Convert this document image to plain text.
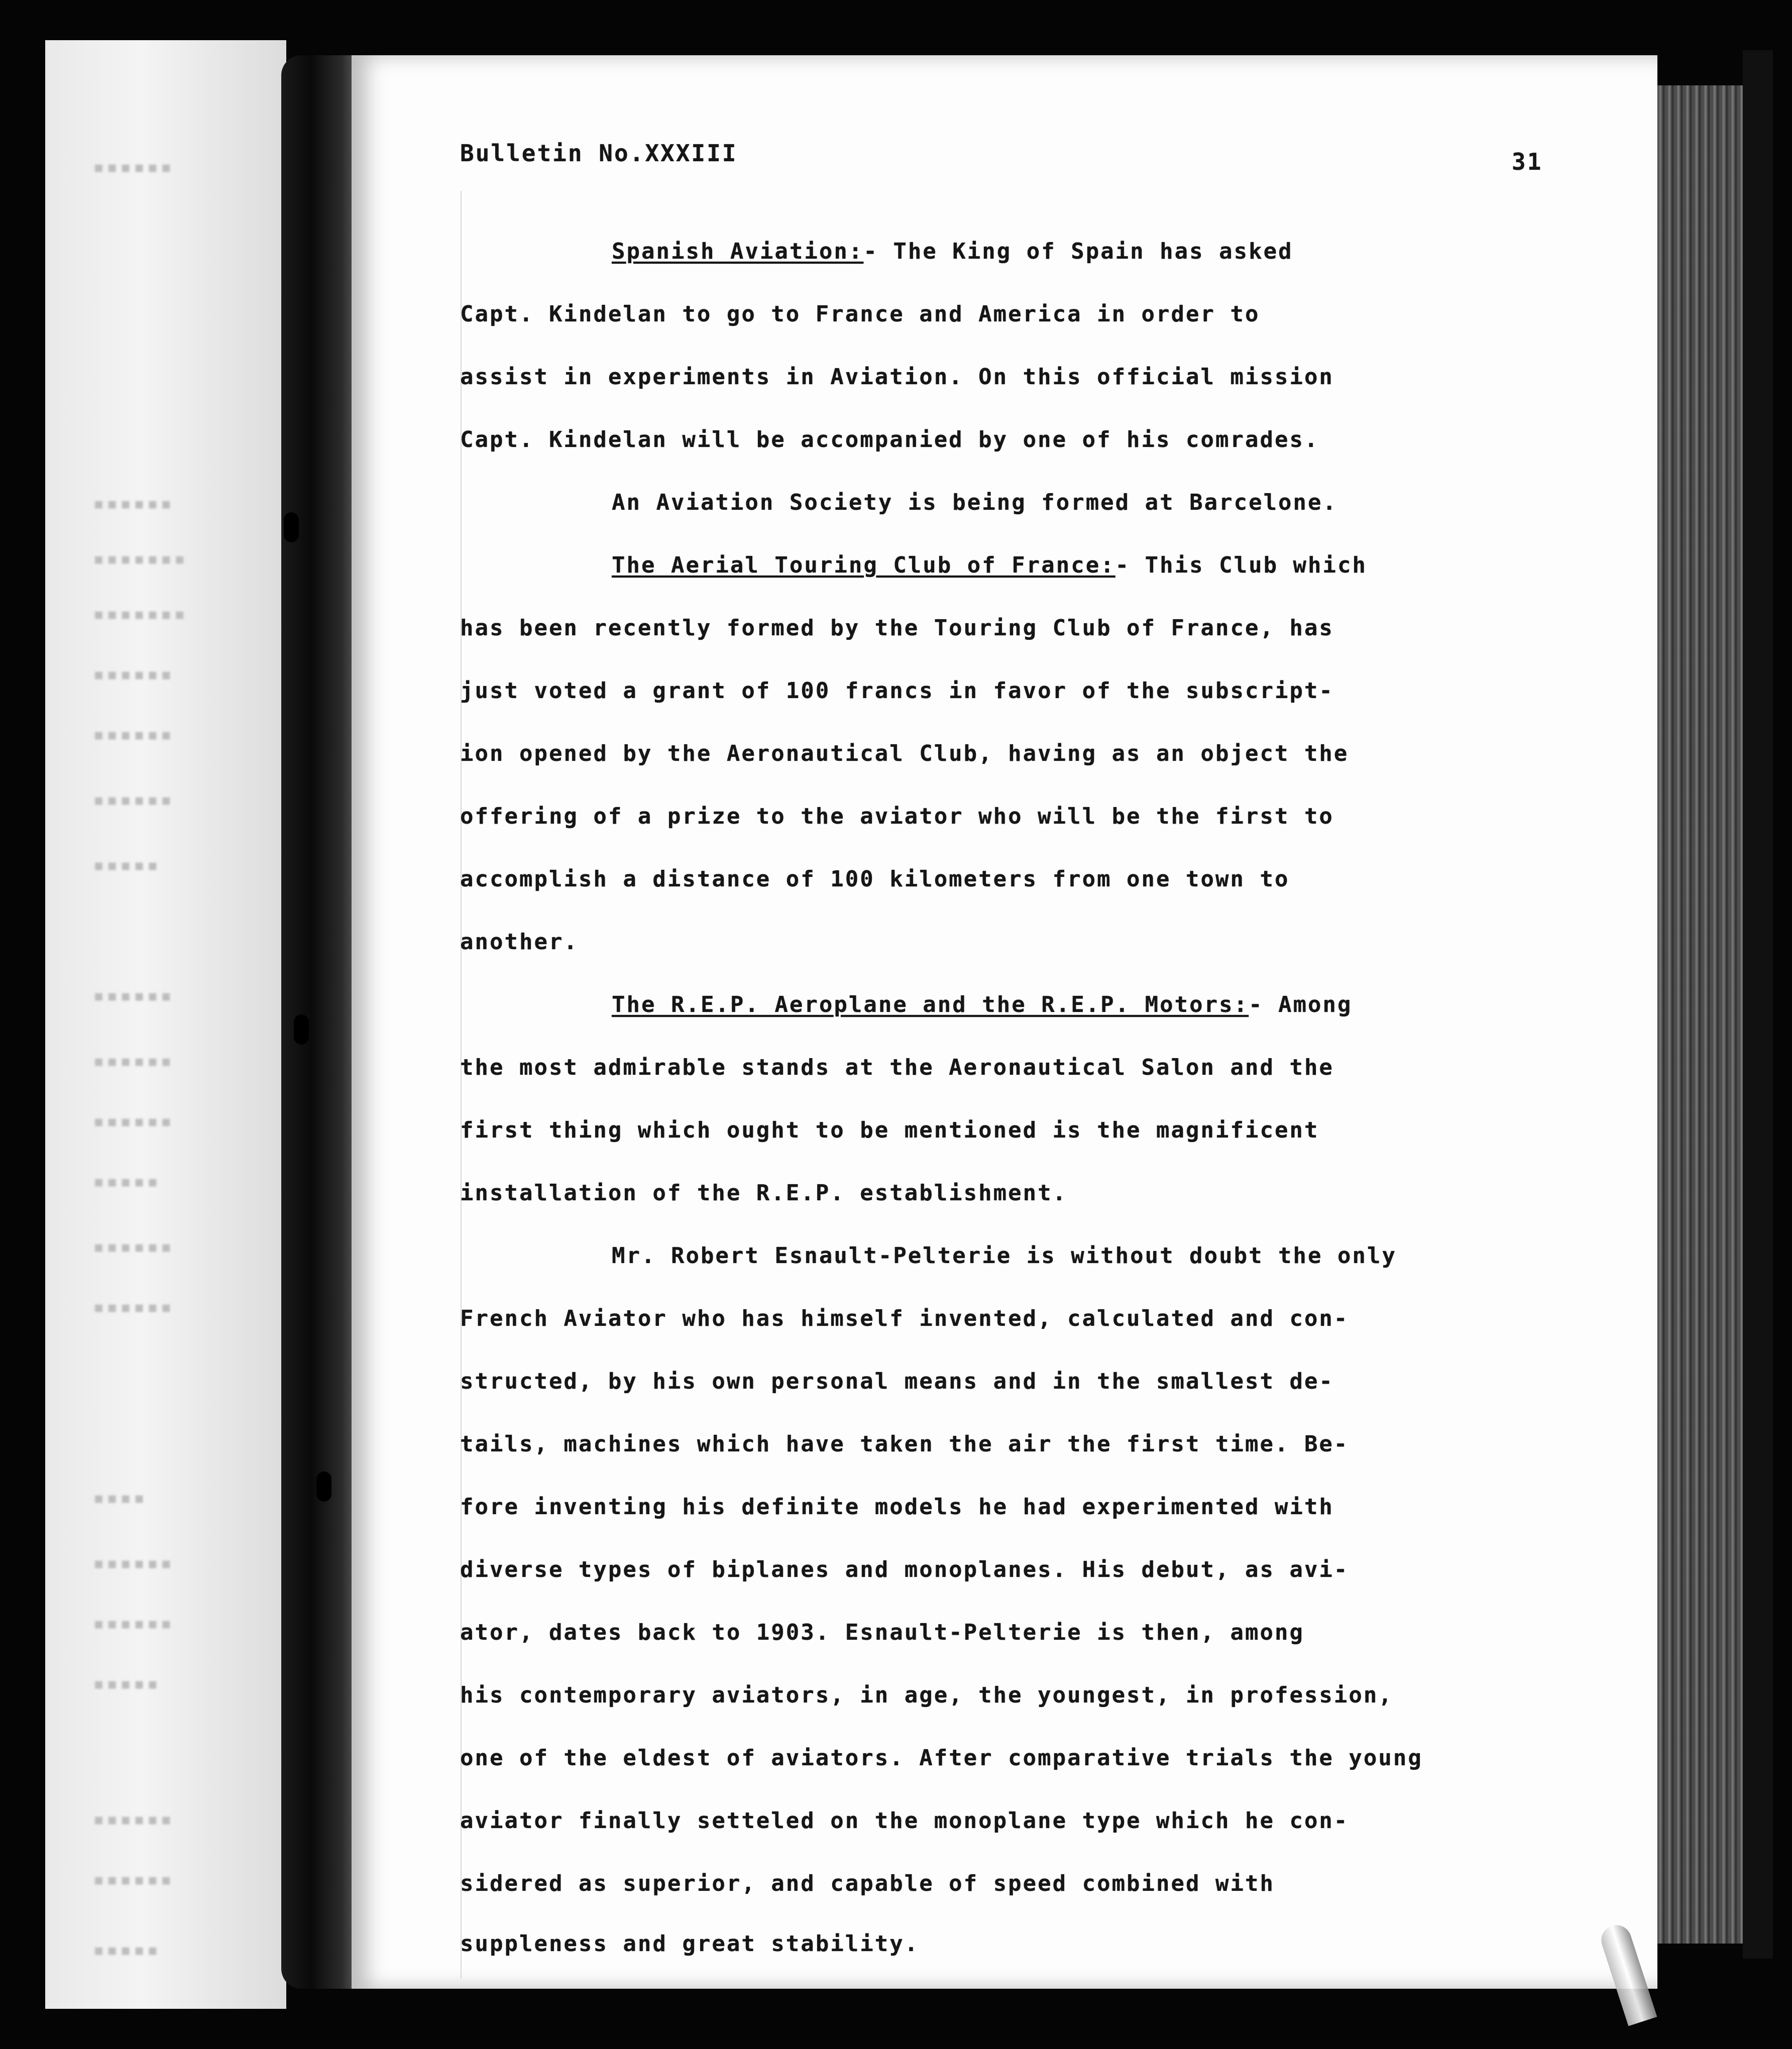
▪▪▪▪▪▪
▪▪▪▪▪▪
▪▪▪▪▪▪▪
▪▪▪▪▪▪▪
▪▪▪▪▪▪
▪▪▪▪▪▪
▪▪▪▪▪▪
▪▪▪▪▪
▪▪▪▪▪▪
▪▪▪▪▪▪
▪▪▪▪▪▪
▪▪▪▪▪
▪▪▪▪▪▪
▪▪▪▪▪▪
▪▪▪▪
▪▪▪▪▪▪
▪▪▪▪▪▪
▪▪▪▪▪
▪▪▪▪▪▪
▪▪▪▪▪▪
▪▪▪▪▪
Bulletin No.XXXIII	31
Spanish Aviation:- The King of Spain has asked
Capt. Kindelan to go to France and America in order to
assist in experiments in Aviation. On this official mission
Capt. Kindelan will be accompanied by one of his comrades.
An Aviation Society is being formed at Barcelone.
The Aerial Touring Club of France:- This Club which
has been recently formed by the Touring Club of France, has
just voted a grant of 100 francs in favor of the subscript-
ion opened by the Aeronautical Club, having as an object the
offering of a prize to the aviator who will be the first to
accomplish a distance of 100 kilometers from one town to
another.
The R.E.P. Aeroplane and the R.E.P. Motors:- Among
the most admirable stands at the Aeronautical Salon and the
first thing which ought to be mentioned is the magnificent
installation of the R.E.P. establishment.
Mr. Robert Esnault-Pelterie is without doubt the only
French Aviator who has himself invented, calculated and con-
structed, by his own personal means and in the smallest de-
tails, machines which have taken the air the first time. Be-
fore inventing his definite models he had experimented with
diverse types of biplanes and monoplanes. His debut, as avi-
ator, dates back to 1903. Esnault-Pelterie is then, among
his contemporary aviators, in age, the youngest, in profession,
one of the eldest of aviators. After comparative trials the young
aviator finally setteled on the monoplane type which he con-
sidered as superior, and capable of speed combined with
suppleness and great stability.
